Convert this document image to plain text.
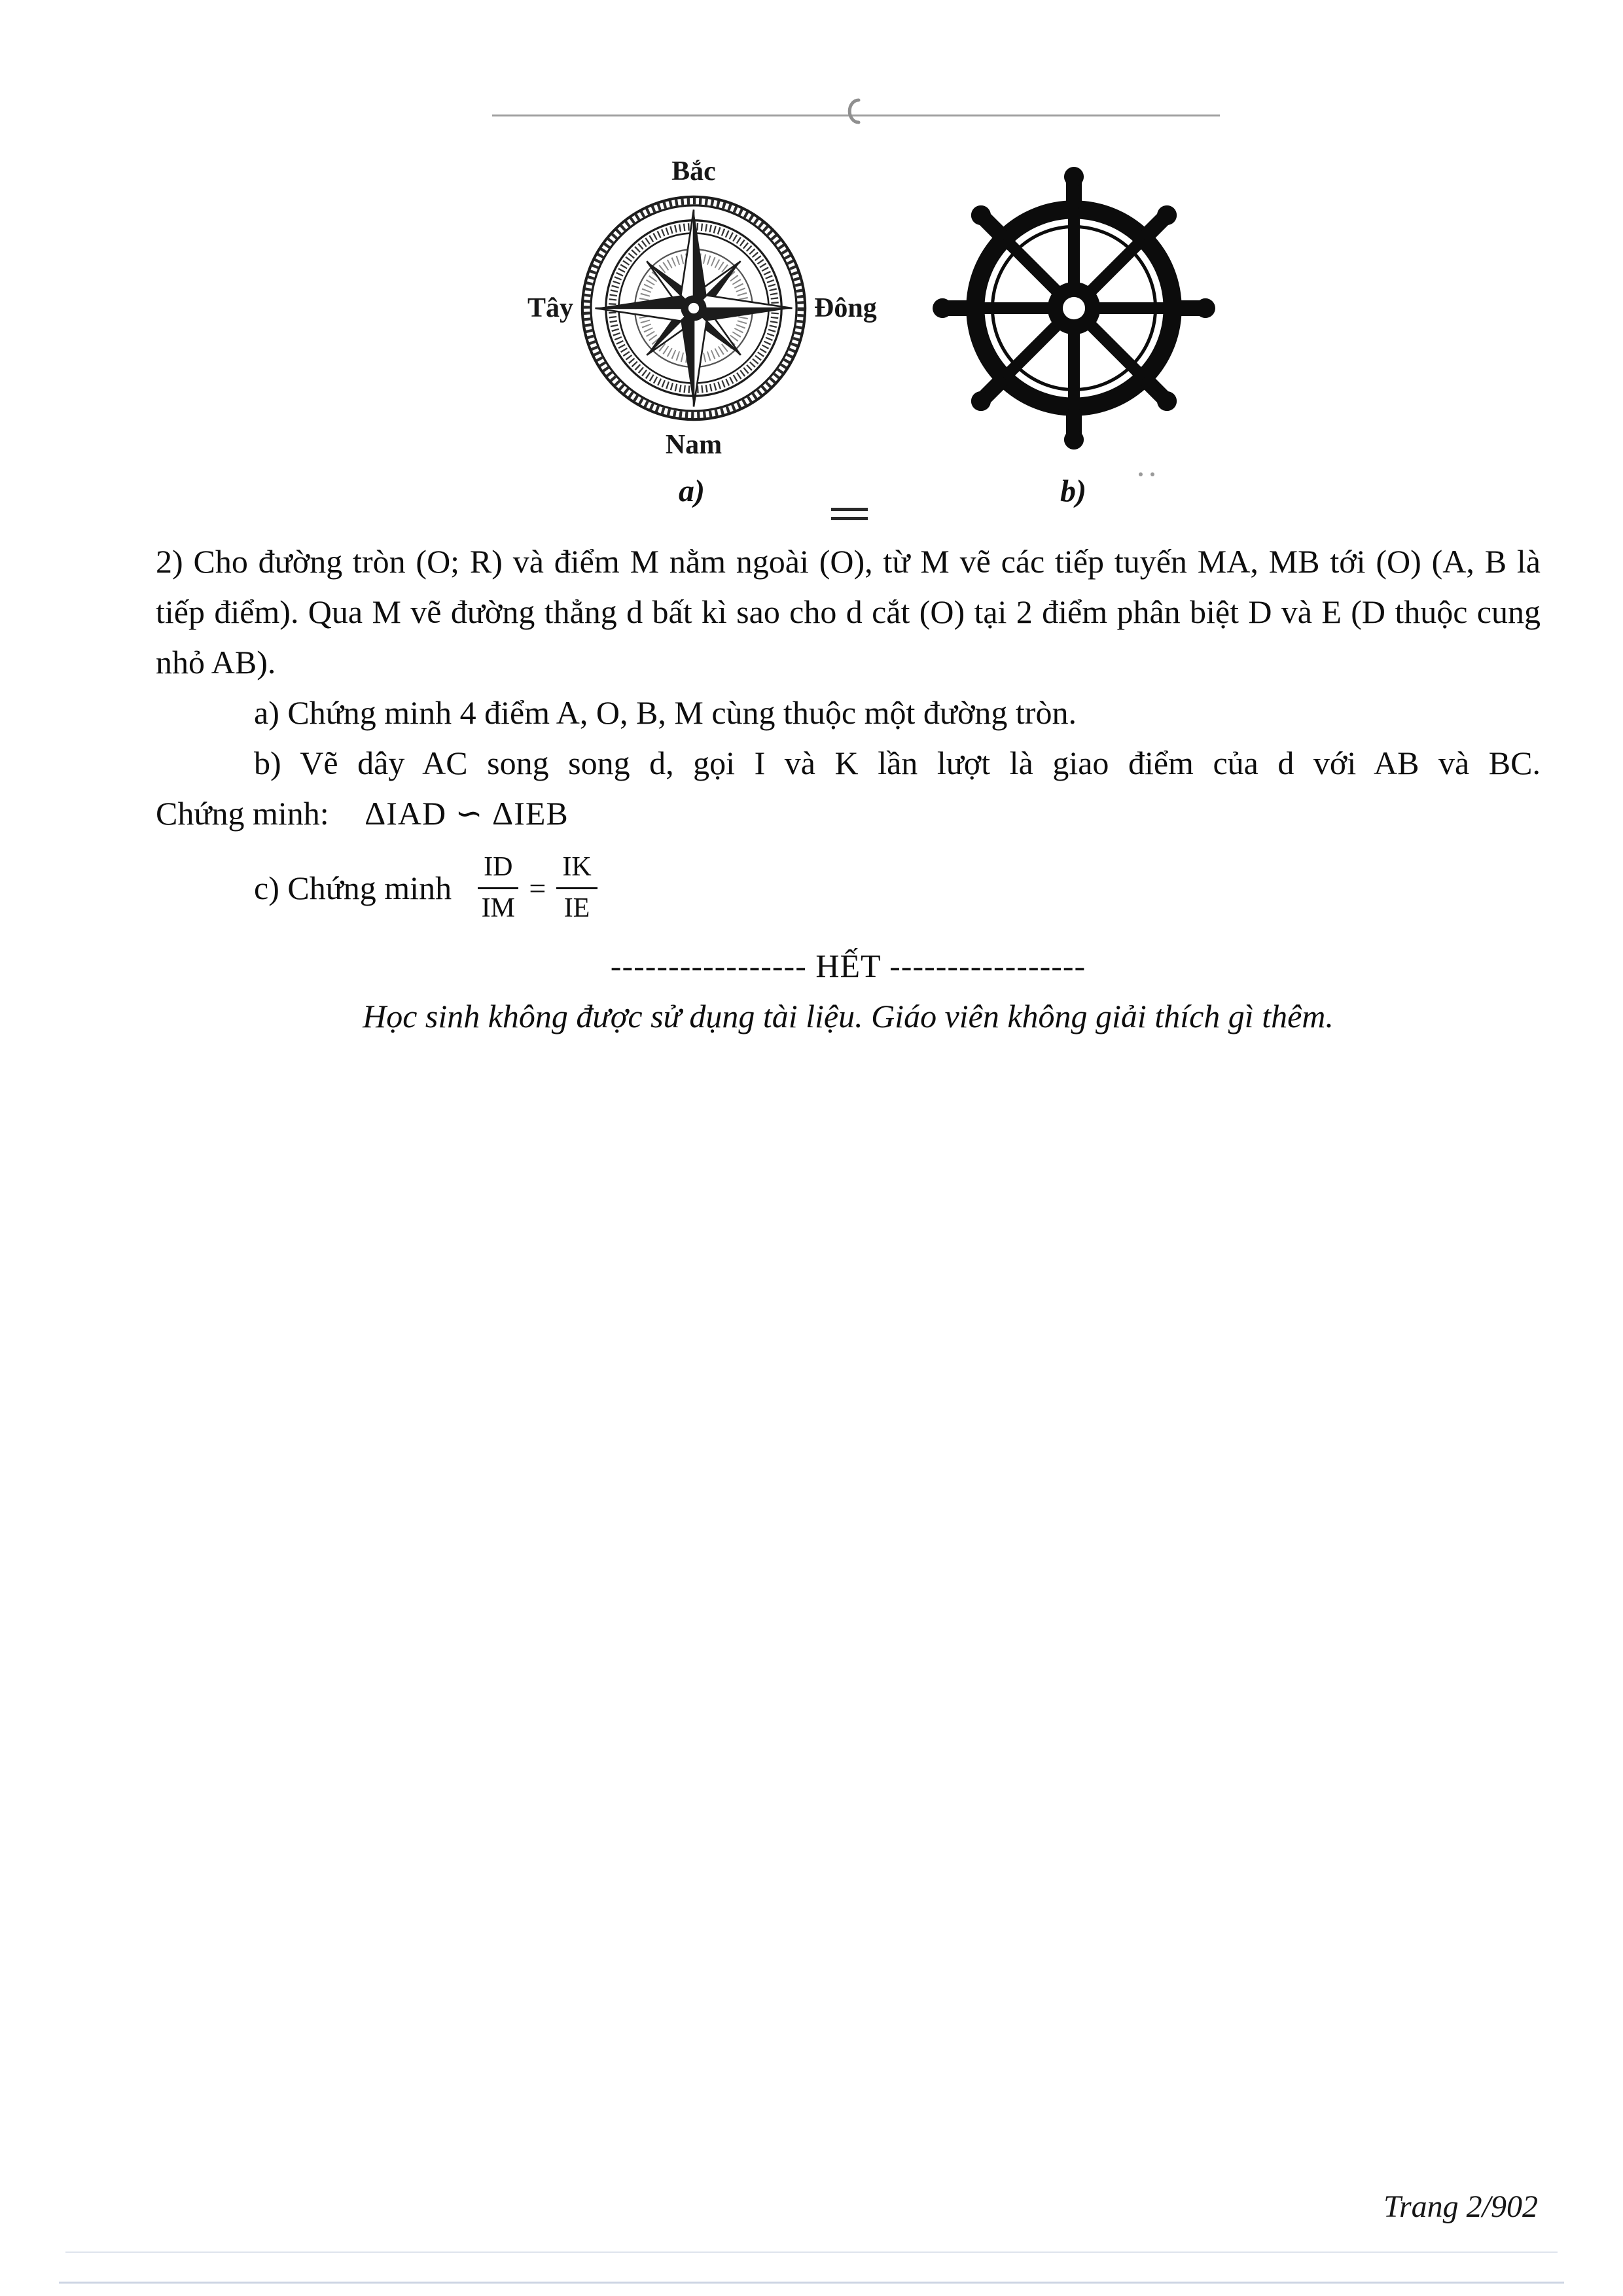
Bắc
Tây	Đông
Nam
a)	b)

2) Cho đường tròn (O; R) và điểm M nằm ngoài (O), từ M vẽ các tiếp tuyến MA, MB tới (O) (A, B là tiếp điểm). Qua M vẽ đường thẳng d bất kì sao cho d cắt (O) tại 2 điểm phân biệt D và E (D thuộc cung nhỏ AB).

a) Chứng minh 4 điểm A, O, B, M cùng thuộc một đường tròn.

b) Vẽ dây AC song song d, gọi I và K lần lượt là giao điểm của d với AB và BC.

Chứng minh: ΔIAD ∽ ΔIEB

c) Chứng minh $\frac{ID}{IM} = \frac{IK}{IE}$

----------------- HẾT -----------------

Học sinh không được sử dụng tài liệu. Giáo viên không giải thích gì thêm.

Trang 2/902
